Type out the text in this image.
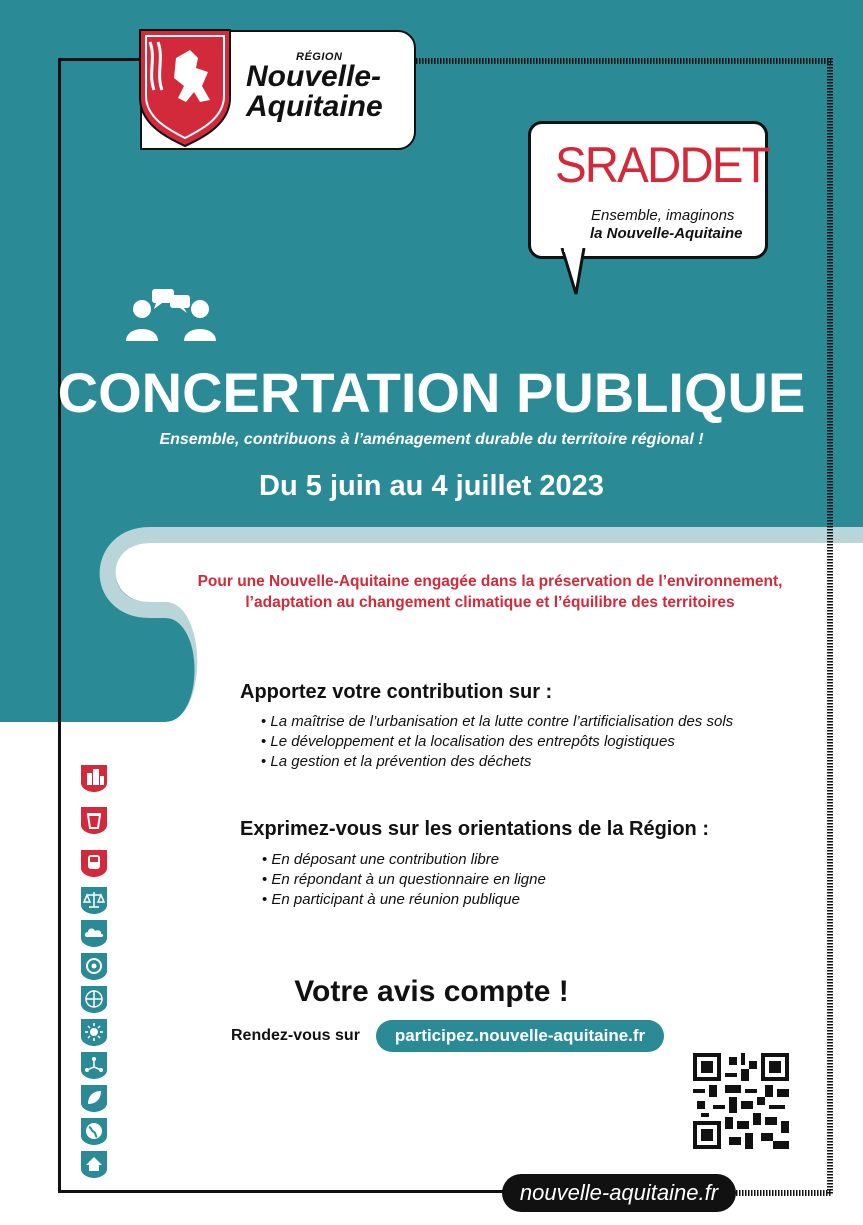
RÉGION
Nouvelle-
Aquitaine
SRADDET
Ensemble, imaginons
la Nouvelle-Aquitaine
CONCERTATION PUBLIQUE
Ensemble, contribuons à l’aménagement durable du territoire régional !
Du 5 juin au 4 juillet 2023
Pour une Nouvelle-Aquitaine engagée dans la préservation de l’environnement,
l’adaptation au changement climatique et l’équilibre des territoires
Apportez votre contribution sur :
• La maîtrise de l’urbanisation et la lutte contre l’artificialisation des sols
• Le développement et la localisation des entrepôts logistiques
• La gestion et la prévention des déchets
Exprimez-vous sur les orientations de la Région :
• En déposant une contribution libre
• En répondant à un questionnaire en ligne
• En participant à une réunion publique
Votre avis compte !
Rendez-vous sur	participez.nouvelle-aquitaine.fr
nouvelle-aquitaine.fr
